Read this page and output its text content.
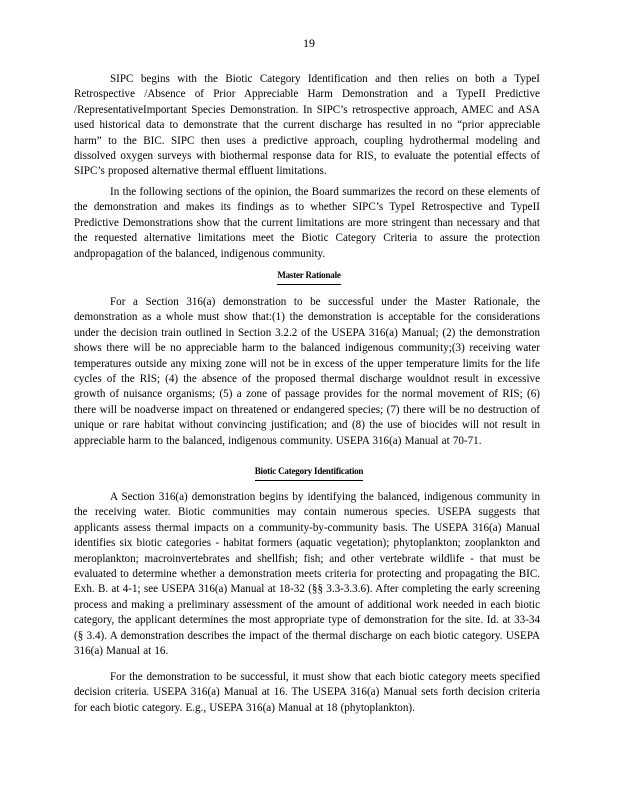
19

SIPC begins with the Biotic Category Identification and then relies on both a TypeI Retrospective /Absence of Prior Appreciable Harm Demonstration and a TypeII Predictive /RepresentativeImportant Species Demonstration. In SIPC’s retrospective approach, AMEC and ASA used historical data to demonstrate that the current discharge has resulted in no “prior appreciable harm” to the BIC. SIPC then uses a predictive approach, coupling hydrothermal modeling and dissolved oxygen surveys with biothermal response data for RIS, to evaluate the potential effects of SIPC’s proposed alternative thermal effluent limitations.

In the following sections of the opinion, the Board summarizes the record on these elements of the demonstration and makes its findings as to whether SIPC’s TypeI Retrospective and TypeII Predictive Demonstrations show that the current limitations are more stringent than necessary and that the requested alternative limitations meet the Biotic Category Criteria to assure the protection andpropagation of the balanced, indigenous community.

Master Rationale

For a Section 316(a) demonstration to be successful under the Master Rationale, the demonstration as a whole must show that:(1) the demonstration is acceptable for the considerations under the decision train outlined in Section 3.2.2 of the USEPA 316(a) Manual; (2) the demonstration shows there will be no appreciable harm to the balanced indigenous community;(3) receiving water temperatures outside any mixing zone will not be in excess of the upper temperature limits for the life cycles of the RIS; (4) the absence of the proposed thermal discharge wouldnot result in excessive growth of nuisance organisms; (5) a zone of passage provides for the normal movement of RIS; (6) there will be noadverse impact on threatened or endangered species; (7) there will be no destruction of unique or rare habitat without convincing justification; and (8) the use of biocides will not result in appreciable harm to the balanced, indigenous community. USEPA 316(a) Manual at 70-71.

Biotic Category Identification

A Section 316(a) demonstration begins by identifying the balanced, indigenous community in the receiving water. Biotic communities may contain numerous species. USEPA suggests that applicants assess thermal impacts on a community-by-community basis. The USEPA 316(a) Manual identifies six biotic categories - habitat formers (aquatic vegetation); phytoplankton; zooplankton and meroplankton; macroinvertebrates and shellfish; fish; and other vertebrate wildlife - that must be evaluated to determine whether a demonstration meets criteria for protecting and propagating the BIC. Exh. B. at 4-1; see USEPA 316(a) Manual at 18-32 (§§ 3.3-3.3.6). After completing the early screening process and making a preliminary assessment of the amount of additional work needed in each biotic category, the applicant determines the most appropriate type of demonstration for the site. Id. at 33-34 (§ 3.4). A demonstration describes the impact of the thermal discharge on each biotic category. USEPA 316(a) Manual at 16.

For the demonstration to be successful, it must show that each biotic category meets specified decision criteria. USEPA 316(a) Manual at 16. The USEPA 316(a) Manual sets forth decision criteria for each biotic category. E.g., USEPA 316(a) Manual at 18 (phytoplankton).
